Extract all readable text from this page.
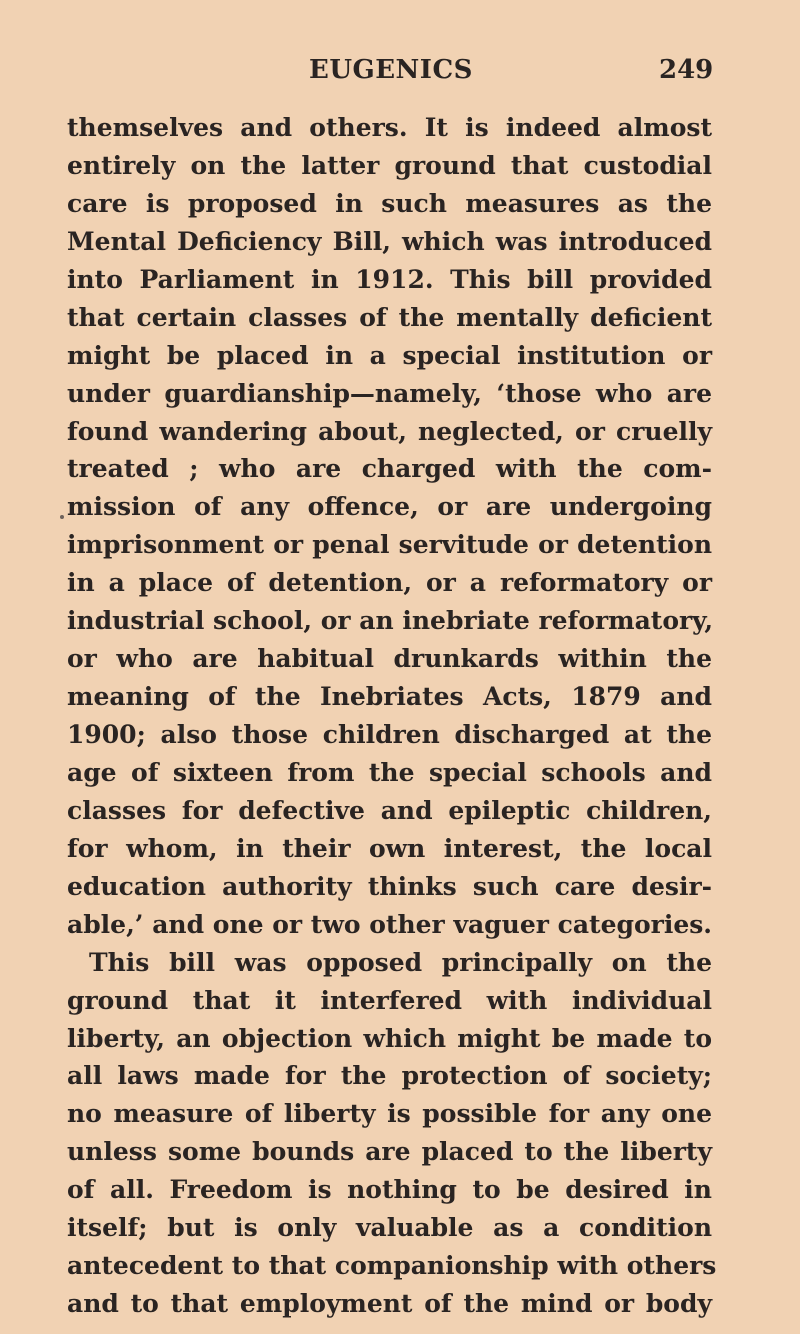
EUGENICS	249
themselves and others. It is indeed almost
entirely on the latter ground that custodial
care is proposed in such measures as the
Mental Deficiency Bill, which was introduced
into Parliament in 1912. This bill provided
that certain classes of the mentally deficient
might be placed in a special institution or
under guardianship—namely, ‘those who are
found wandering about, neglected, or cruelly
treated ; who are charged with the com-
mission of any offence, or are undergoing
imprisonment or penal servitude or detention
in a place of detention, or a reformatory or
industrial school, or an inebriate reformatory,
or who are habitual drunkards within the
meaning of the Inebriates Acts, 1879 and
1900; also those children discharged at the
age of sixteen from the special schools and
classes for defective and epileptic children,
for whom, in their own interest, the local
education authority thinks such care desir-
able,’ and one or two other vaguer categories.
This bill was opposed principally on the
ground that it interfered with individual
liberty, an objection which might be made to
all laws made for the protection of society;
no measure of liberty is possible for any one
unless some bounds are placed to the liberty
of all. Freedom is nothing to be desired in
itself; but is only valuable as a condition
antecedent to that companionship with others
and to that employment of the mind or body
